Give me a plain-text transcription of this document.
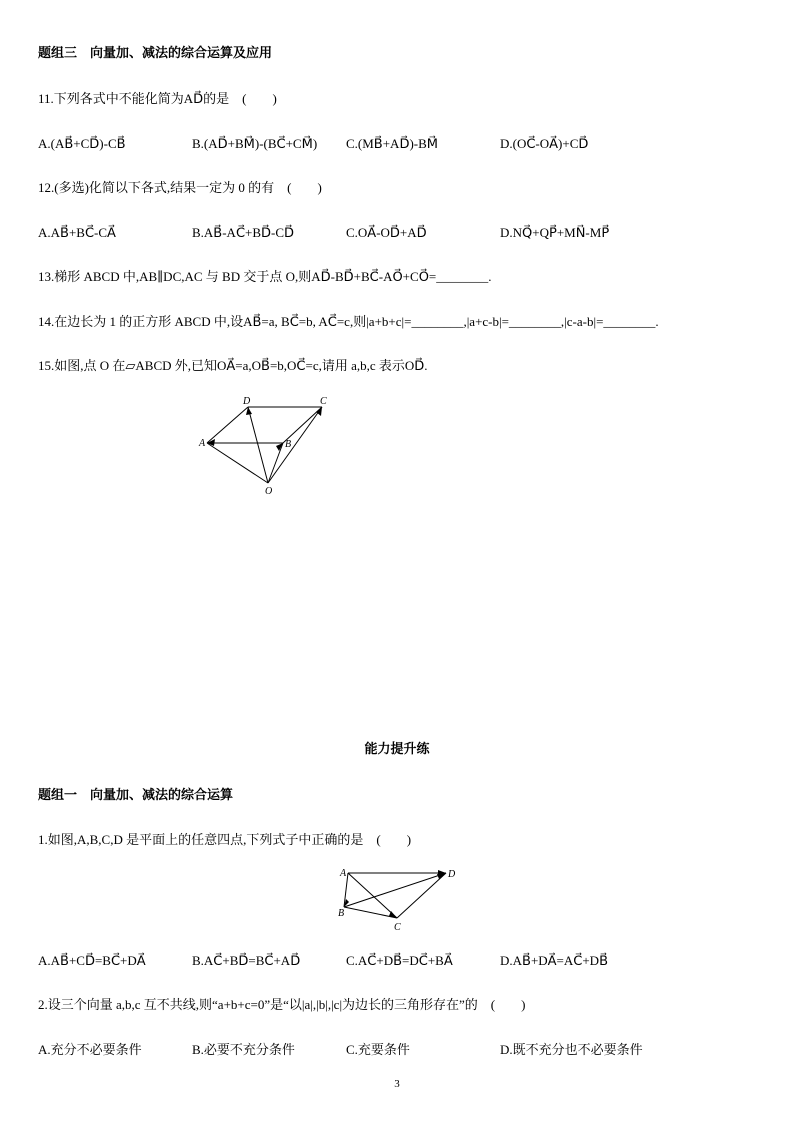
题组三　向量加、减法的综合运算及应用
11.下列各式中不能化简为AD⃗的是　(　　)
A.(AB⃗+CD⃗)-CB⃗	B.(AD⃗+BM⃗)-(BC⃗+CM⃗) C.(MB⃗+AD⃗)-BM⃗	D.(OC⃗-OA⃗)+CD⃗
12.(多选)化简以下各式,结果一定为 0 的有　(　　)
A.AB⃗+BC⃗-CA⃗	B.AB⃗-AC⃗+BD⃗-CD⃗	C.OA⃗-OD⃗+AD⃗	D.NQ⃗+QP⃗+MN⃗-MP⃗
13.梯形 ABCD 中,AB∥DC,AC 与 BD 交于点 O,则AD⃗-BD⃗+BC⃗-AO⃗+CO⃗=________.
14.在边长为 1 的正方形 ABCD 中,设AB⃗=a, BC⃗=b, AC⃗=c,则|a+b+c|=________,|a+c-b|=________,|c-a-b|=________.
15.如图,点 O 在▱ABCD 外,已知OA⃗=a,OB⃗=b,OC⃗=c,请用 a,b,c 表示OD⃗.
D	C
A	B
O
能力提升练
题组一　向量加、减法的综合运算
1.如图,A,B,C,D 是平面上的任意四点,下列式子中正确的是　(　　)
A	D
B
C
A.AB⃗+CD⃗=BC⃗+DA⃗	B.AC⃗+BD⃗=BC⃗+AD⃗	C.AC⃗+DB⃗=DC⃗+BA⃗	D.AB⃗+DA⃗=AC⃗+DB⃗
2.设三个向量 a,b,c 互不共线,则“a+b+c=0”是“以|a|,|b|,|c|为边长的三角形存在”的　(　　)
A.充分不必要条件	B.必要不充分条件	C.充要条件	D.既不充分也不必要条件
3
